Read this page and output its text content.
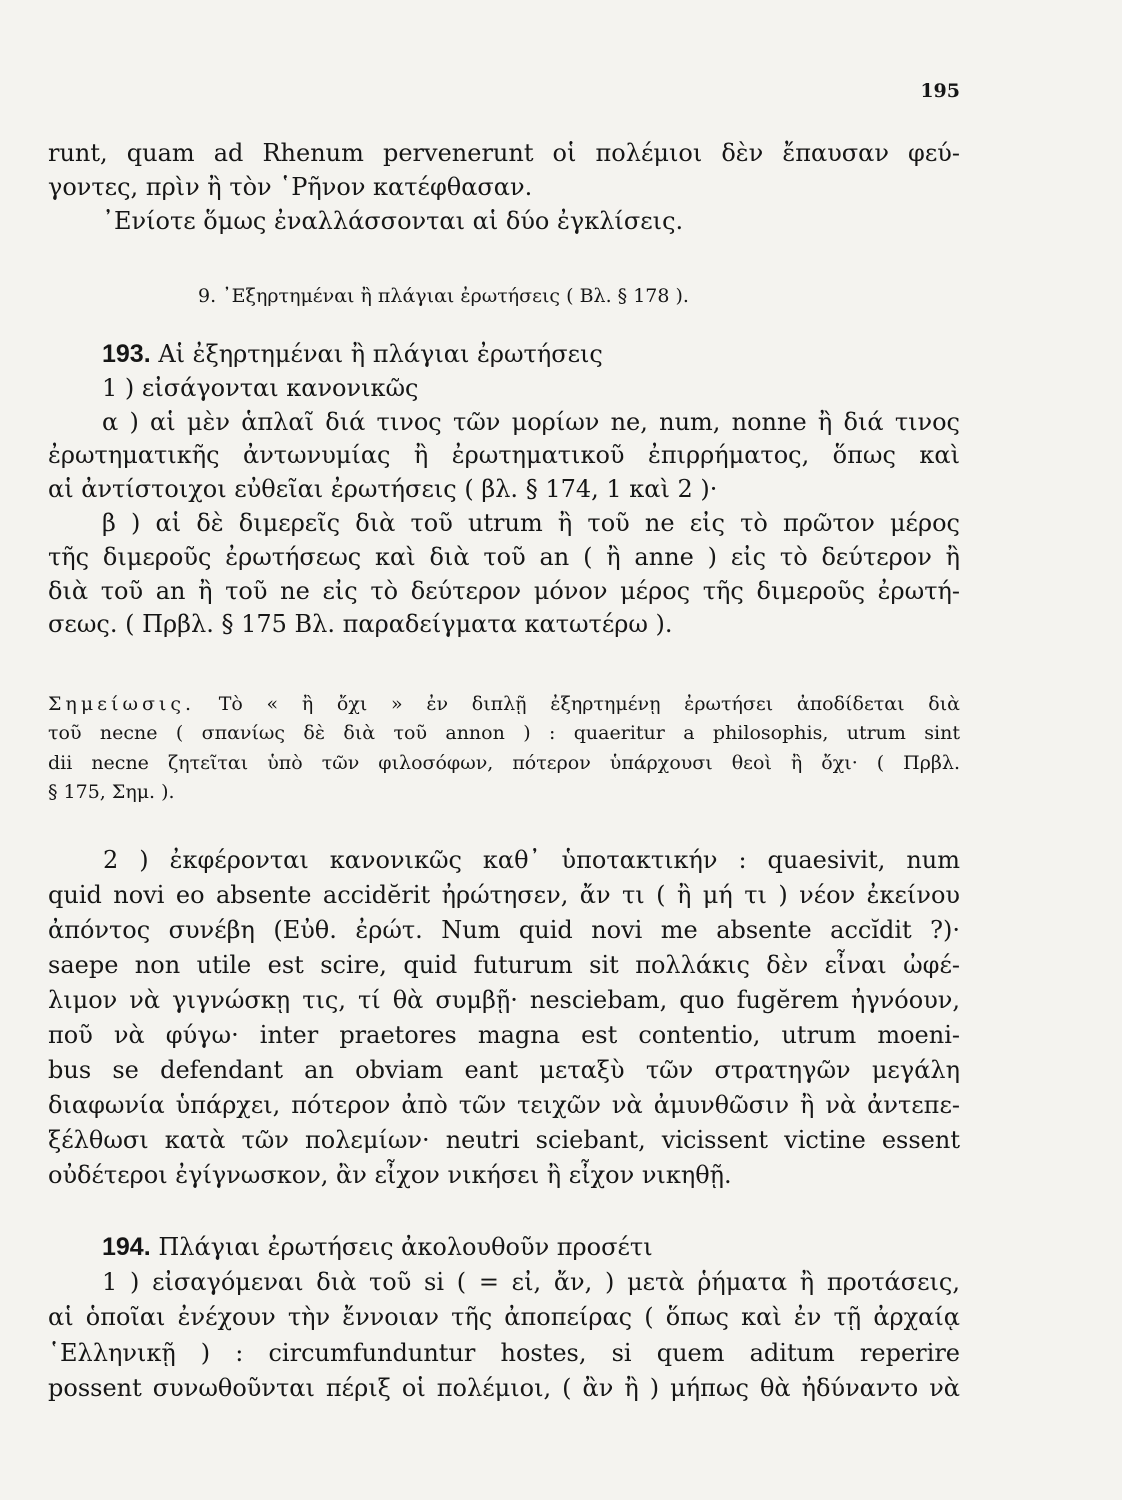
195
runt, quam ad Rhenum pervenerunt οἱ πολέμιοι δὲν ἔπαυσαν φεύ-
γοντες, πρὶν ἢ τὸν ῾Ρῆνον κατέφθασαν.
᾿Ενίοτε ὅμως ἐναλλάσσονται αἱ δύο ἐγκλίσεις.
9. ᾿Εξηρτημέναι ἢ πλάγιαι ἐρωτήσεις ( Βλ. § 178 ).
193. Αἱ ἐξηρτημέναι ἢ πλάγιαι ἐρωτήσεις
1 ) εἰσάγονται κανονικῶς
α ) αἱ μὲν ἁπλαῖ διά τινος τῶν μορίων ne, num, nonne ἢ διά τινος
ἐρωτηματικῆς ἀντωνυμίας ἢ ἐρωτηματικοῦ ἐπιρρήματος, ὅπως καὶ
αἱ ἀντίστοιχοι εὐθεῖαι ἐρωτήσεις ( βλ. § 174, 1 καὶ 2 )·
β ) αἱ δὲ διμερεῖς διὰ τοῦ utrum ἢ τοῦ ne εἰς τὸ πρῶτον μέρος
τῆς διμεροῦς ἐρωτήσεως καὶ διὰ τοῦ an ( ἢ anne ) εἰς τὸ δεύτερον ἢ
διὰ τοῦ an ἢ τοῦ ne εἰς τὸ δεύτερον μόνον μέρος τῆς διμεροῦς ἐρωτή-
σεως. ( Πρβλ. § 175 Βλ. παραδείγματα κατωτέρω ).
Σημείωσις. Τὸ « ἢ ὄχι » ἐν διπλῇ ἐξηρτημένῃ ἐρωτήσει ἀποδίδεται διὰ
τοῦ necne ( σπανίως δὲ διὰ τοῦ annon ) : quaeritur a philosophis, utrum sint
dii necne ζητεῖται ὑπὸ τῶν φιλοσόφων, πότερον ὑπάρχουσι θεοὶ ἢ ὄχι· ( Πρβλ.
§ 175, Σημ. ).
2 ) ἐκφέρονται κανονικῶς καθ᾿ ὑποτακτικήν : quaesivit, num
quid novi eo absente accidĕrit ἠρώτησεν, ἄν τι ( ἢ μή τι ) νέον ἐκείνου
ἀπόντος συνέβη (Εὐθ. ἐρώτ. Num quid novi me absente accĭdit ?)·
saepe non utile est scire, quid futurum sit πολλάκις δὲν εἶναι ὠφέ-
λιμον νὰ γιγνώσκῃ τις, τί θὰ συμβῇ· nesciebam, quo fugĕrem ἠγνόουν,
ποῦ νὰ φύγω· inter praetores magna est contentio, utrum moeni-
bus se defendant an obviam eant μεταξὺ τῶν στρατηγῶν μεγάλη
διαφωνία ὑπάρχει, πότερον ἀπὸ τῶν τειχῶν νὰ ἀμυνθῶσιν ἢ νὰ ἀντεπε-
ξέλθωσι κατὰ τῶν πολεμίων· neutri sciebant, vicissent victine essent
οὐδέτεροι ἐγίγνωσκον, ἂν εἶχον νικήσει ἢ εἶχον νικηθῇ.
194. Πλάγιαι ἐρωτήσεις ἀκολουθοῦν προσέτι
1 ) εἰσαγόμεναι διὰ τοῦ si ( = εἰ, ἄν, ) μετὰ ῥήματα ἢ προτάσεις,
αἱ ὁποῖαι ἐνέχουν τὴν ἔννοιαν τῆς ἀποπείρας ( ὅπως καὶ ἐν τῇ ἀρχαίᾳ
῾Ελληνικῇ ) : circumfunduntur hostes, si quem aditum reperire
possent συνωθοῦνται πέριξ οἱ πολέμιοι, ( ἂν ἢ ) μήπως θὰ ἠδύναντο νὰ
